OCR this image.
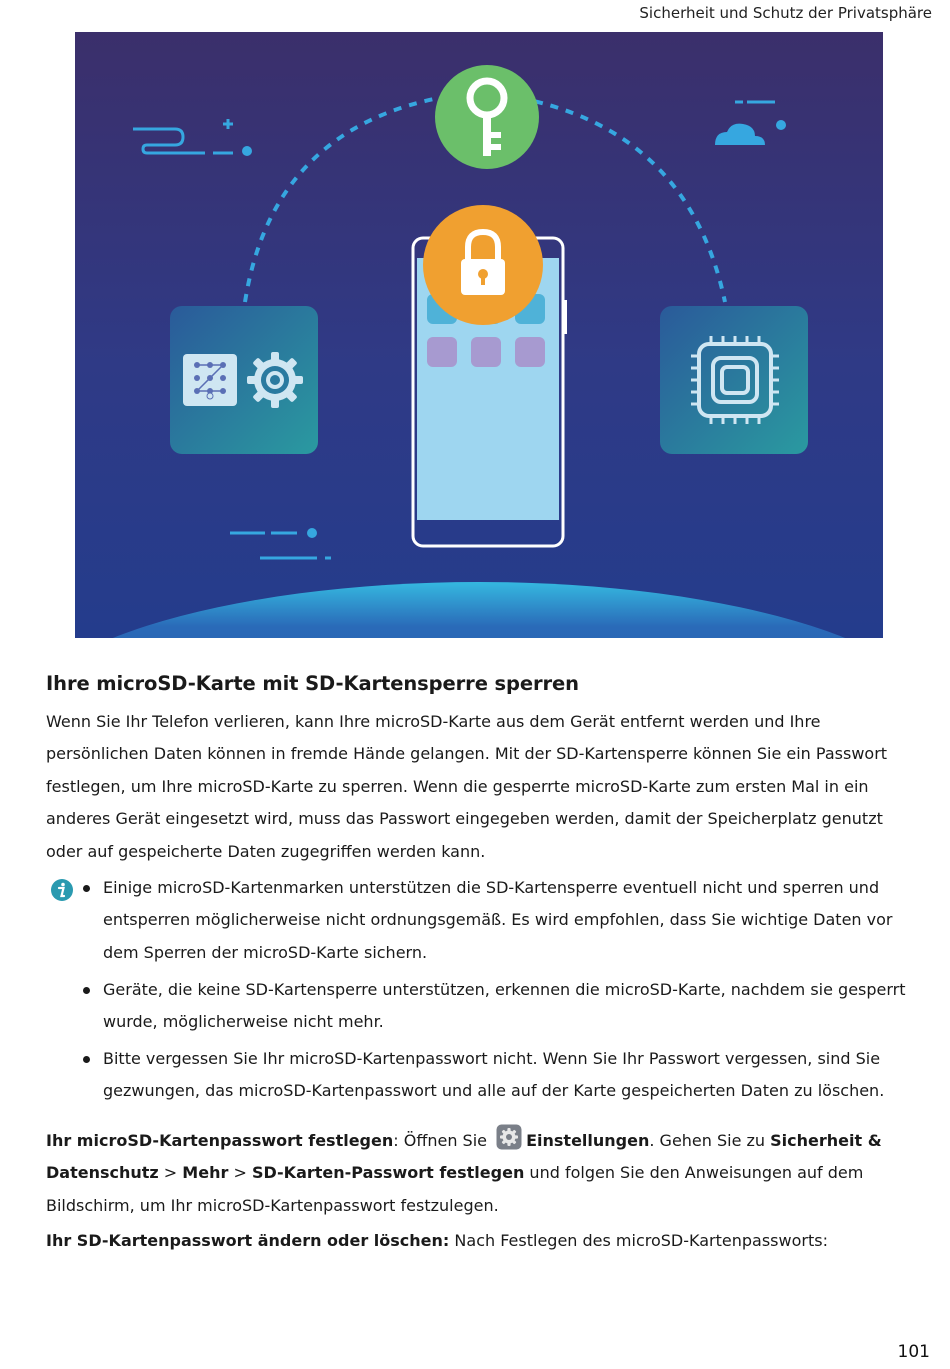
Sicherheit und Schutz der Privatsphäre
Ihre microSD-Karte mit SD-Kartensperre sperren

Wenn Sie Ihr Telefon verlieren, kann Ihre microSD-Karte aus dem Gerät entfernt werden und Ihre persönlichen Daten können in fremde Hände gelangen. Mit der SD-Kartensperre können Sie ein Passwort festlegen, um Ihre microSD-Karte zu sperren. Wenn die gesperrte microSD-Karte zum ersten Mal in ein anderes Gerät eingesetzt wird, muss das Passwort eingegeben werden, damit der Speicherplatz genutzt oder auf gespeicherte Daten zugegriffen werden kann.

Einige microSD-Kartenmarken unterstützen die SD-Kartensperre eventuell nicht und sperren und entsperren möglicherweise nicht ordnungsgemäß. Es wird empfohlen, dass Sie wichtige Daten vor dem Sperren der microSD-Karte sichern.
Geräte, die keine SD-Kartensperre unterstützen, erkennen die microSD-Karte, nachdem sie gesperrt wurde, möglicherweise nicht mehr.
Bitte vergessen Sie Ihr microSD-Kartenpasswort nicht. Wenn Sie Ihr Passwort vergessen, sind Sie gezwungen, das microSD-Kartenpasswort und alle auf der Karte gespeicherten Daten zu löschen.

Ihr microSD-Kartenpasswort festlegen: Öffnen Sie Einstellungen. Gehen Sie zu Sicherheit & Datenschutz > Mehr > SD-Karten-Passwort festlegen und folgen Sie den Anweisungen auf dem Bildschirm, um Ihr microSD-Kartenpasswort festzulegen.

Ihr SD-Kartenpasswort ändern oder löschen: Nach Festlegen des microSD-Kartenpassworts:

101
